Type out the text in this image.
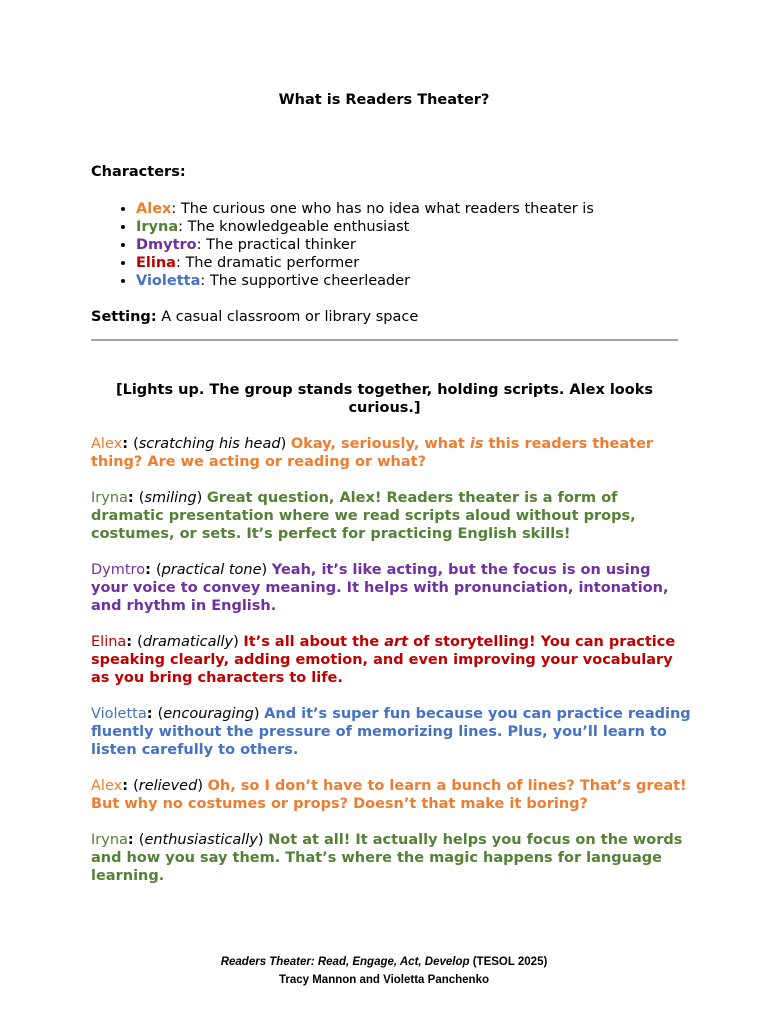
What is Readers Theater?
Characters:
• Alex: The curious one who has no idea what readers theater is
• Iryna: The knowledgeable enthusiast
• Dmytro: The practical thinker
• Elina: The dramatic performer
• Violetta: The supportive cheerleader
Setting: A casual classroom or library space
[Lights up. The group stands together, holding scripts. Alex looks curious.]

Alex: (scratching his head) Okay, seriously, what is this readers theater thing? Are we acting or reading or what?

Iryna: (smiling) Great question, Alex! Readers theater is a form of dramatic presentation where we read scripts aloud without props, costumes, or sets. It’s perfect for practicing English skills!

Dymtro: (practical tone) Yeah, it’s like acting, but the focus is on using your voice to convey meaning. It helps with pronunciation, intonation, and rhythm in English.

Elina: (dramatically) It’s all about the art of storytelling! You can practice speaking clearly, adding emotion, and even improving your vocabulary as you bring characters to life.

Violetta: (encouraging) And it’s super fun because you can practice reading fluently without the pressure of memorizing lines. Plus, you’ll learn to listen carefully to others.

Alex: (relieved) Oh, so I don’t have to learn a bunch of lines? That’s great! But why no costumes or props? Doesn’t that make it boring?

Iryna: (enthusiastically) Not at all! It actually helps you focus on the words and how you say them. That’s where the magic happens for language learning.

Readers Theater: Read, Engage, Act, Develop (TESOL 2025)
Tracy Mannon and Violetta Panchenko
